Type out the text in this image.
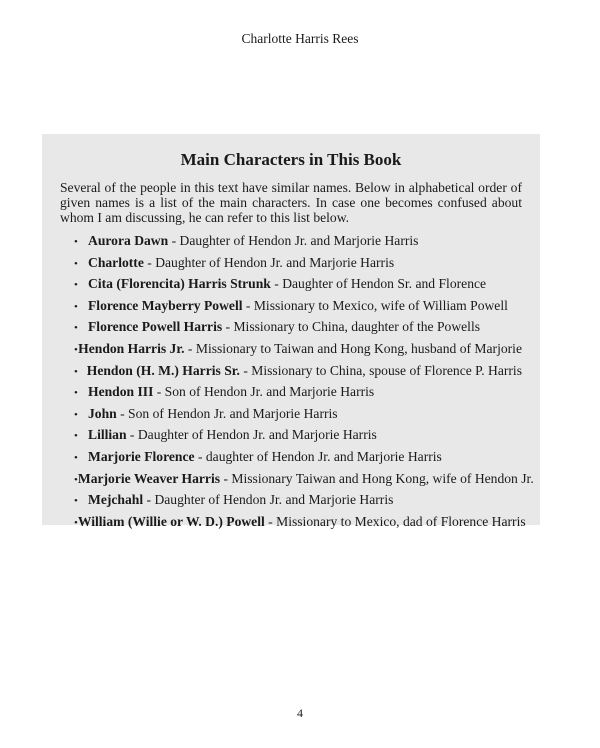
Charlotte Harris Rees
Main Characters in This Book

Several of the people in this text have similar names. Below in alphabetical order of given names is a list of the main characters. In case one becomes confused about whom I am discussing, he can refer to this list below.

• Aurora Dawn - Daughter of Hendon Jr. and Marjorie Harris
• Charlotte - Daughter of Hendon Jr. and Marjorie Harris
• Cita (Florencita) Harris Strunk - Daughter of Hendon Sr. and Florence
• Florence Mayberry Powell - Missionary to Mexico, wife of William Powell
• Florence Powell Harris - Missionary to China, daughter of the Powells
• Hendon Harris Jr. - Missionary to Taiwan and Hong Kong, husband of Marjorie
• Hendon (H. M.) Harris Sr. - Missionary to China, spouse of Florence P. Harris
• Hendon III - Son of Hendon Jr. and Marjorie Harris
• John - Son of Hendon Jr. and Marjorie Harris
• Lillian - Daughter of Hendon Jr. and Marjorie Harris
• Marjorie Florence - daughter of Hendon Jr. and Marjorie Harris
• Marjorie Weaver Harris - Missionary Taiwan and Hong Kong, wife of Hendon Jr.
• Mejchahl - Daughter of Hendon Jr. and Marjorie Harris
• William (Willie or W. D.) Powell - Missionary to Mexico, dad of Florence Harris
4
